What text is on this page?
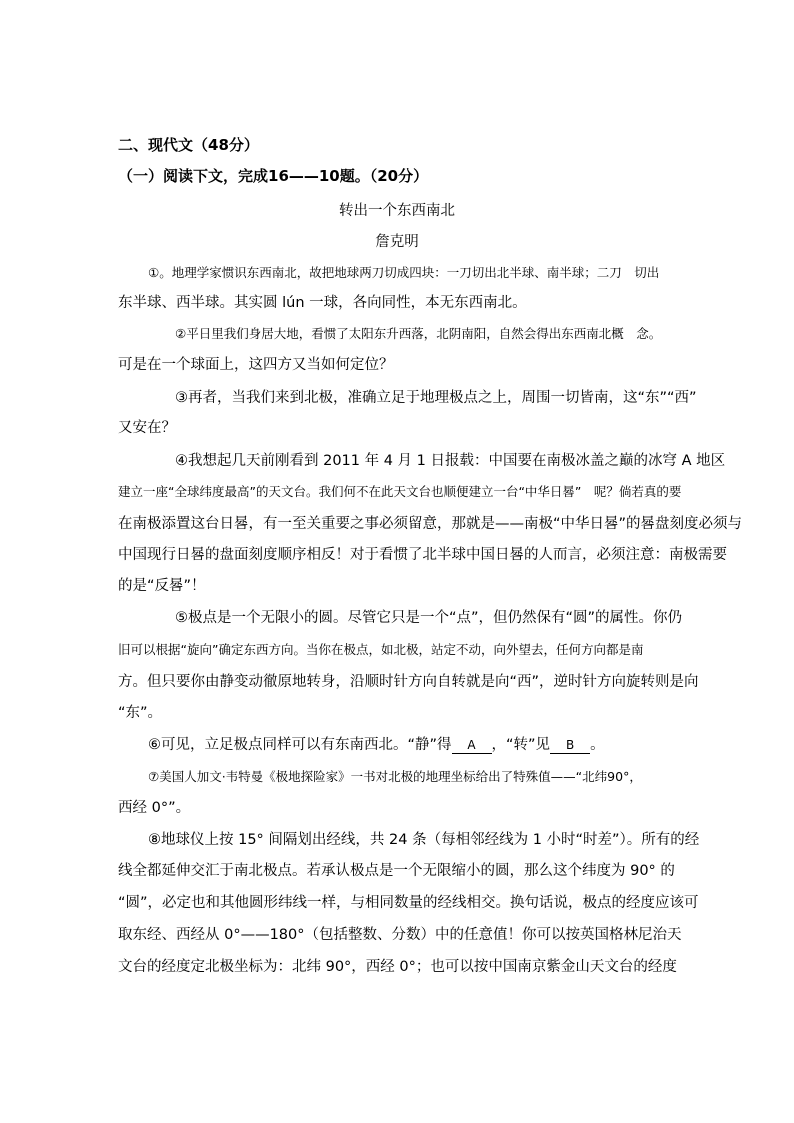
二、现代文（48分）
（一）阅读下文，完成16——10题。（20分）
转出一个东西南北
詹克明
①。地理学家惯识东西南北，故把地球两刀切成四块：一刀切出北半球、南半球；二刀　切出
东半球、西半球。其实圆 lún 一球，各向同性，本无东西南北。
②平日里我们身居大地，看惯了太阳东升西落，北阴南阳，自然会得出东西南北概　念。
可是在一个球面上，这四方又当如何定位？
③再者，当我们来到北极，准确立足于地理极点之上，周围一切皆南，这“东”“西”
又安在？
④我想起几天前刚看到 2011 年 4 月 1 日报载：中国要在南极冰盖之巅的冰穹 A 地区
建立一座“全球纬度最高”的天文台。我们何不在此天文台也顺便建立一台“中华日晷”　呢？倘若真的要
在南极添置这台日晷，有一至关重要之事必须留意，那就是——南极“中华日晷”的晷盘刻度必须与
中国现行日晷的盘面刻度顺序相反！对于看惯了北半球中国日晷的人而言，必须注意：南极需要
的是“反晷”！
⑤极点是一个无限小的圆。尽管它只是一个“点”，但仍然保有“圆”的属性。你仍
旧可以根据“旋向”确定东西方向。当你在极点，如北极，站定不动，向外望去，任何方向都是南
方。但只要你由静变动徹原地转身，沿顺时针方向自转就是向“西”，逆时针方向旋转则是向
“东”。
⑥可见，立足极点同样可以有东南西北。“静”得 A ，“转”见 B 。
⑦美国人加文·韦特曼《极地探险家》一书对北极的地理坐标给出了特殊值——“北纬90°，
西经 0°”。
⑧地球仪上按 15° 间隔划出经线，共 24 条（每相邻经线为 1 小时“时差”）。所有的经
线全都延伸交汇于南北极点。若承认极点是一个无限缩小的圆，那么这个纬度为 90° 的
“圆”，必定也和其他圆形纬线一样，与相同数量的经线相交。换句话说，极点的经度应该可
取东经、西经从 0°——180°（包括整数、分数）中的任意值！你可以按英国格林尼治天
文台的经度定北极坐标为：北纬 90°，西经 0°；也可以按中国南京紫金山天文台的经度
